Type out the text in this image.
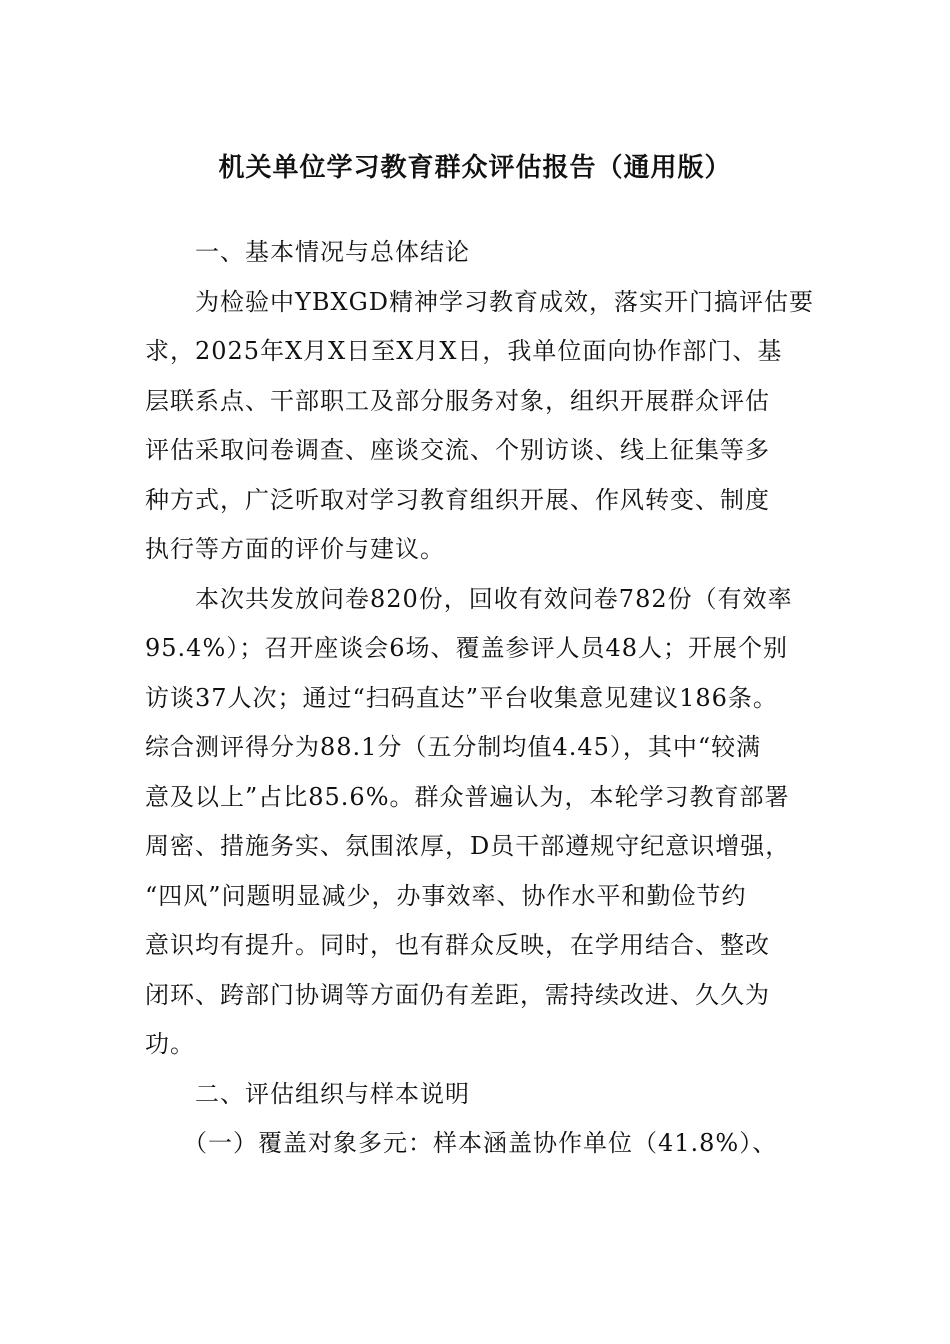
机关单位学习教育群众评估报告（通用版）

一、基本情况与总体结论

为检验中YBXGD精神学习教育成效，落实开门搞评估要
求，2025年X月X日至X月X日，我单位面向协作部门、基
层联系点、干部职工及部分服务对象，组织开展群众评估
评估采取问卷调查、座谈交流、个别访谈、线上征集等多
种方式，广泛听取对学习教育组织开展、作风转变、制度
执行等方面的评价与建议。

本次共发放问卷820份，回收有效问卷782份（有效率
95.4%）；召开座谈会6场、覆盖参评人员48人；开展个别
访谈37人次；通过“扫码直达”平台收集意见建议186条。
综合测评得分为88.1分（五分制均值4.45），其中“较满
意及以上”占比85.6%。群众普遍认为，本轮学习教育部署
周密、措施务实、氛围浓厚，D员干部遵规守纪意识增强，
“四风”问题明显减少，办事效率、协作水平和勤俭节约
意识均有提升。同时，也有群众反映，在学用结合、整改
闭环、跨部门协调等方面仍有差距，需持续改进、久久为
功。

二、评估组织与样本说明

（一）覆盖对象多元：样本涵盖协作单位（41.8%）、
